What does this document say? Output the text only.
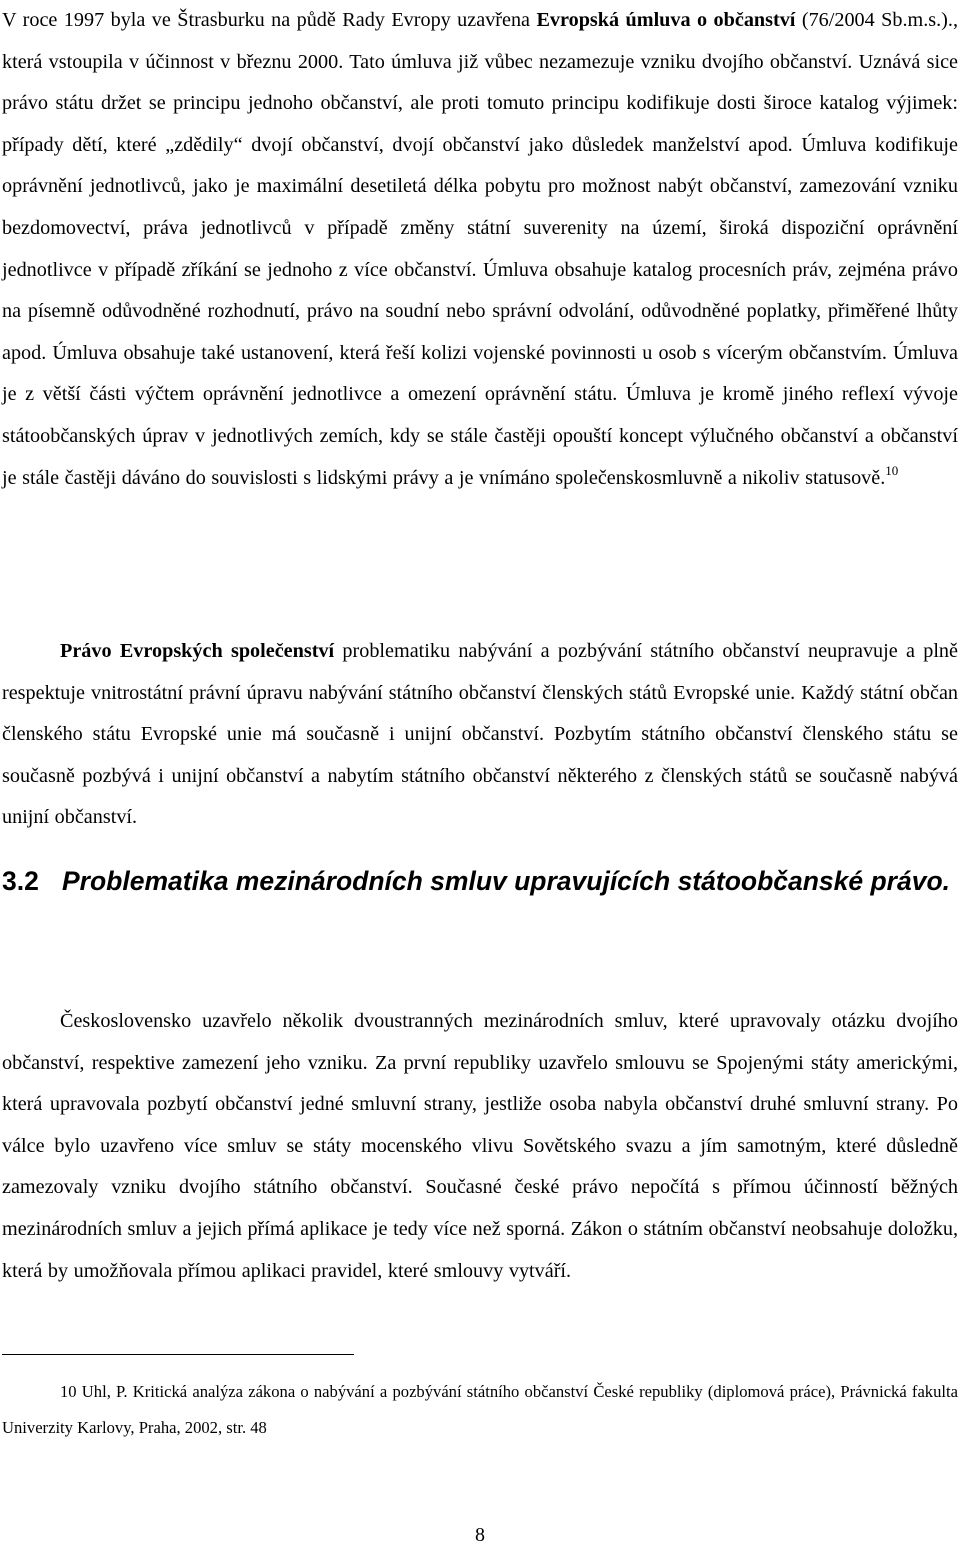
V roce 1997 byla ve Štrasburku na půdě Rady Evropy uzavřena Evropská úmluva o občanství (76/2004 Sb.m.s.)., která vstoupila v účinnost v březnu 2000. Tato úmluva již vůbec nezamezuje vzniku dvojího občanství. Uznává sice právo státu držet se principu jednoho občanství, ale proti tomuto principu kodifikuje dosti široce katalog výjimek: případy dětí, které „zdědily“ dvojí občanství, dvojí občanství jako důsledek manželství apod. Úmluva kodifikuje oprávnění jednotlivců, jako je maximální desetiletá délka pobytu pro možnost nabýt občanství, zamezování vzniku bezdomovectví, práva jednotlivců v případě změny státní suverenity na území, široká dispoziční oprávnění jednotlivce v případě zříkání se jednoho z více občanství. Úmluva obsahuje katalog procesních práv, zejména právo na písemně odůvodněné rozhodnutí, právo na soudní nebo správní odvolání, odůvodněné poplatky, přiměřené lhůty apod. Úmluva obsahuje také ustanovení, která řeší kolizi vojenské povinnosti u osob s vícerým občanstvím. Úmluva je z větší části výčtem oprávnění jednotlivce a omezení oprávnění státu. Úmluva je kromě jiného reflexí vývoje státoobčanských úprav v jednotlivých zemích, kdy se stále častěji opouští koncept výlučného občanství a občanství je stále častěji dáváno do souvislosti s lidskými právy a je vnímáno společenskosmluvně a nikoliv statusově.$^{10}$

Právo Evropských společenství problematiku nabývání a pozbývání státního občanství neupravuje a plně respektuje vnitrostátní právní úpravu nabývání státního občanství členských států Evropské unie. Každý státní občan členského státu Evropské unie má současně i unijní občanství. Pozbytím státního občanství členského státu se současně pozbývá i unijní občanství a nabytím státního občanství některého z členských států se současně nabývá unijní občanství.

3.2 Problematika mezinárodních smluv upravujících státoobčanské právo.

Československo uzavřelo několik dvoustranných mezinárodních smluv, které upravovaly otázku dvojího občanství, respektive zamezení jeho vzniku. Za první republiky uzavřelo smlouvu se Spojenými státy americkými, která upravovala pozbytí občanství jedné smluvní strany, jestliže osoba nabyla občanství druhé smluvní strany. Po válce bylo uzavřeno více smluv se státy mocenského vlivu Sovětského svazu a jím samotným, které důsledně zamezovaly vzniku dvojího státního občanství. Současné české právo nepočítá s přímou účinností běžných mezinárodních smluv a jejich přímá aplikace je tedy více než sporná. Zákon o státním občanství neobsahuje doložku, která by umožňovala přímou aplikaci pravidel, které smlouvy vytváří.

10 Uhl, P. Kritická analýza zákona o nabývání a pozbývání státního občanství České republiky (diplomová práce), Právnická fakulta Univerzity Karlovy, Praha, 2002, str. 48

8
